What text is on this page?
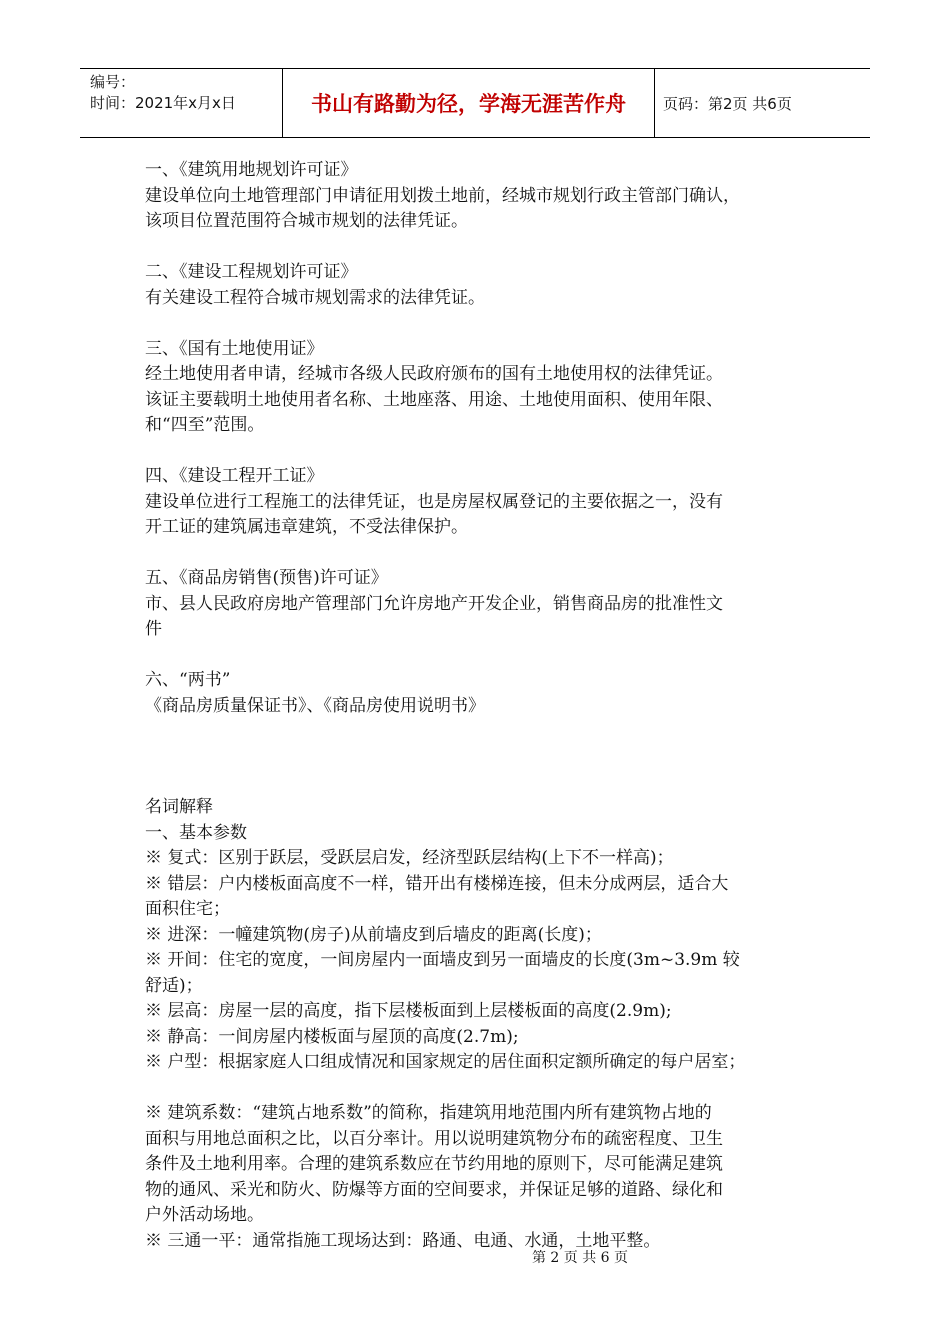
编号：
时间：2021年x月x日	书山有路勤为径，学海无涯苦作舟	页码：第2页 共6页

一、《建筑用地规划许可证》

建设单位向土地管理部门申请征用划拨土地前，经城市规划行政主管部门确认，

该项目位置范围符合城市规划的法律凭证。

二、《建设工程规划许可证》

有关建设工程符合城市规划需求的法律凭证。

三、《国有土地使用证》

经土地使用者申请，经城市各级人民政府颁布的国有土地使用权的法律凭证。

该证主要载明土地使用者名称、土地座落、用途、土地使用面积、使用年限、

和“四至”范围。

四、《建设工程开工证》

建设单位进行工程施工的法律凭证，也是房屋权属登记的主要依据之一，没有

开工证的建筑属违章建筑，不受法律保护。

五、《商品房销售(预售)许可证》

市、县人民政府房地产管理部门允许房地产开发企业，销售商品房的批准性文

件

六、“两书”

《商品房质量保证书》、《商品房使用说明书》

名词解释

一、基本参数

※ 复式：区别于跃层，受跃层启发，经济型跃层结构(上下不一样高)；

※ 错层：户内楼板面高度不一样，错开出有楼梯连接，但未分成两层，适合大

面积住宅；

※ 进深：一幢建筑物(房子)从前墙皮到后墙皮的距离(长度)；

※ 开间：住宅的宽度，一间房屋内一面墙皮到另一面墙皮的长度(3m~3.9m 较

舒适)；

※ 层高：房屋一层的高度，指下层楼板面到上层楼板面的高度(2.9m);

※ 静高：一间房屋内楼板面与屋顶的高度(2.7m);

※ 户型：根据家庭人口组成情况和国家规定的居住面积定额所确定的每户居室；

※ 建筑系数：“建筑占地系数”的简称，指建筑用地范围内所有建筑物占地的

面积与用地总面积之比，以百分率计。用以说明建筑物分布的疏密程度、卫生

条件及土地利用率。合理的建筑系数应在节约用地的原则下，尽可能满足建筑

物的通风、采光和防火、防爆等方面的空间要求，并保证足够的道路、绿化和

户外活动场地。

※ 三通一平：通常指施工现场达到：路通、电通、水通，土地平整。

第 2 页 共 6 页
